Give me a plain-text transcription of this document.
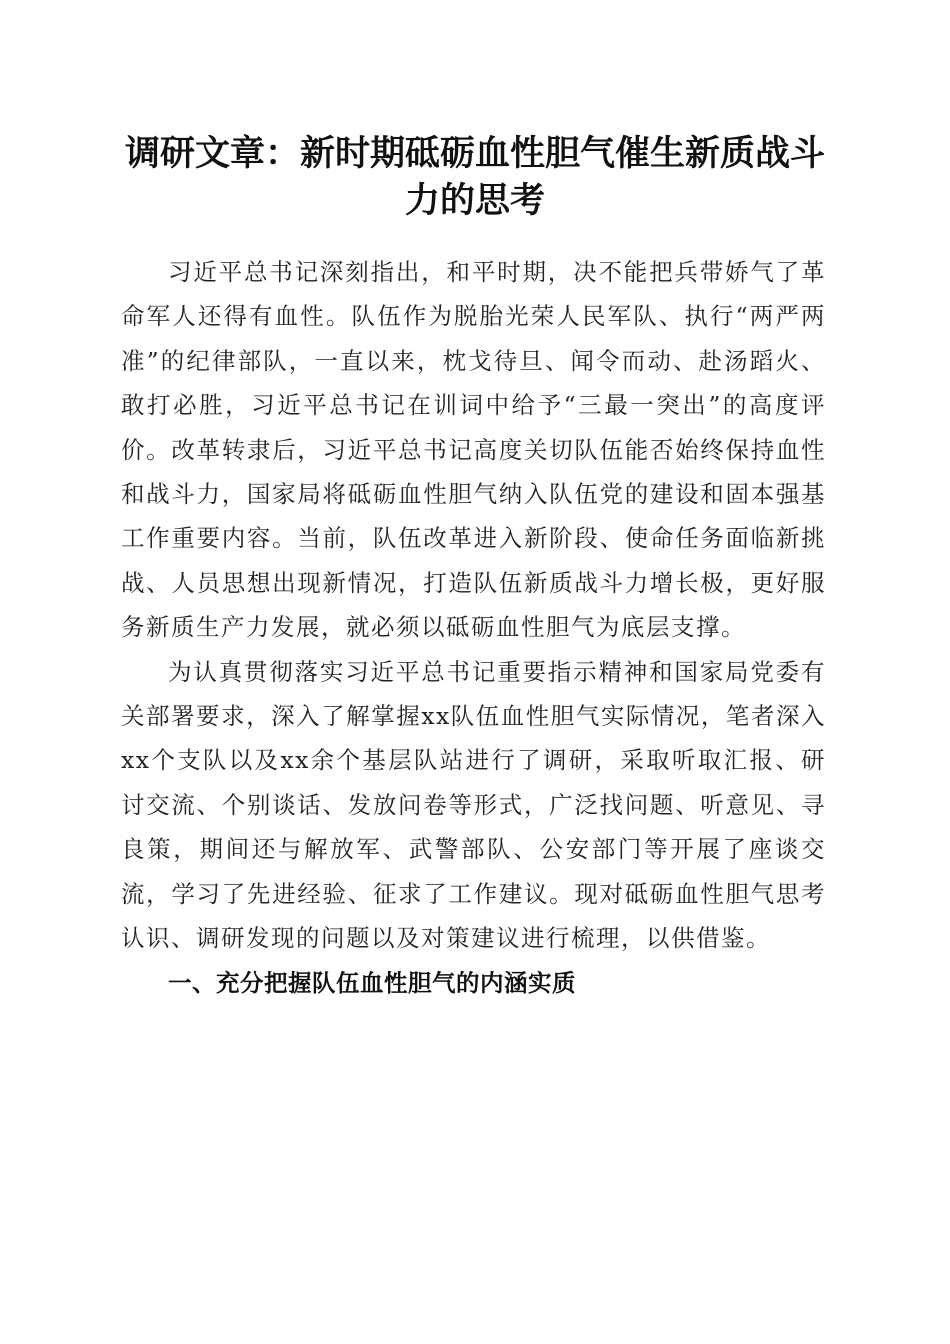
调研文章：新时期砥砺血性胆气催生新质战斗力的思考

习近平总书记深刻指出，和平时期，决不能把兵带娇气了革命军人还得有血性。队伍作为脱胎光荣人民军队、执行“两严两准”的纪律部队，一直以来，枕戈待旦、闻令而动、赴汤蹈火、敢打必胜，习近平总书记在训词中给予“三最一突出”的高度评价。改革转隶后，习近平总书记高度关切队伍能否始终保持血性和战斗力，国家局将砥砺血性胆气纳入队伍党的建设和固本强基工作重要内容。当前，队伍改革进入新阶段、使命任务面临新挑战、人员思想出现新情况，打造队伍新质战斗力增长极，更好服务新质生产力发展，就必须以砥砺血性胆气为底层支撑。

为认真贯彻落实习近平总书记重要指示精神和国家局党委有关部署要求，深入了解掌握xx队伍血性胆气实际情况，笔者深入xx个支队以及xx余个基层队站进行了调研，采取听取汇报、研讨交流、个别谈话、发放问卷等形式，广泛找问题、听意见、寻良策，期间还与解放军、武警部队、公安部门等开展了座谈交流，学习了先进经验、征求了工作建议。现对砥砺血性胆气思考认识、调研发现的问题以及对策建议进行梳理，以供借鉴。

一、充分把握队伍血性胆气的内涵实质
